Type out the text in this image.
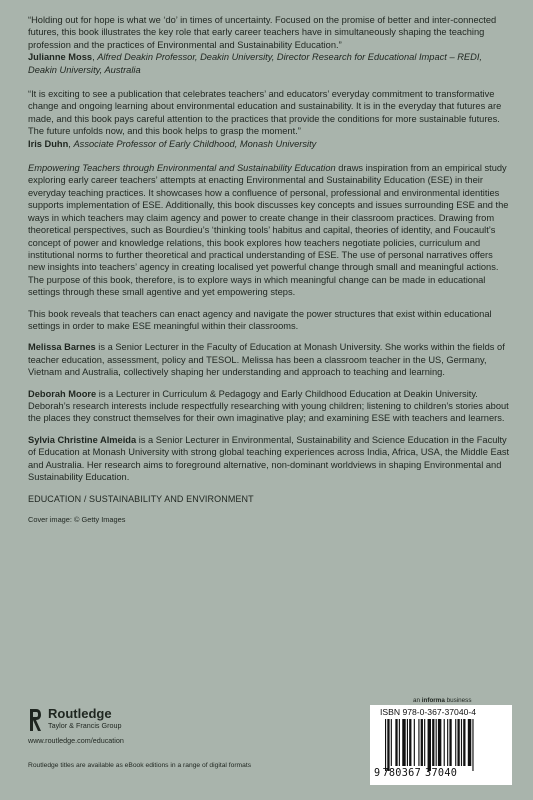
“Holding out for hope is what we ‘do’ in times of uncertainty. Focused on the promise of better and inter-connected futures, this book illustrates the key role that early career teachers have in simultaneously shaping the teaching profession and the practices of Environmental and Sustainability Education.”

Julianne Moss, Alfred Deakin Professor, Deakin University, Director Research for Educational Impact – REDI, Deakin University, Australia

“It is exciting to see a publication that celebrates teachers’ and educators’ everyday commitment to transformative change and ongoing learning about environmental education and sustainability. It is in the everyday that futures are made, and this book pays careful attention to the practices that provide the conditions for more sustainable futures. The future unfolds now, and this book helps to grasp the moment.”

Iris Duhn, Associate Professor of Early Childhood, Monash University

Empowering Teachers through Environmental and Sustainability Education draws inspiration from an empirical study exploring early career teachers’ attempts at enacting Environmental and Sustainability Education (ESE) in their everyday teaching practices. It showcases how a confluence of personal, professional and environmental identities supports implementation of ESE. Additionally, this book discusses key concepts and issues surrounding ESE and the ways in which teachers may claim agency and power to create change in their classroom practices. Drawing from theoretical perspectives, such as Bourdieu’s ‘thinking tools’ habitus and capital, theories of identity, and Foucault’s concept of power and knowledge relations, this book explores how teachers negotiate policies, curriculum and institutional norms to further theoretical and practical understanding of ESE. The use of personal narratives offers new insights into teachers’ agency in creating localised yet powerful change through small and meaningful actions. The purpose of this book, therefore, is to explore ways in which meaningful change can be made in educational settings through these small agentive and yet empowering steps.

This book reveals that teachers can enact agency and navigate the power structures that exist within educational settings in order to make ESE meaningful within their classrooms.

Melissa Barnes is a Senior Lecturer in the Faculty of Education at Monash University. She works within the fields of teacher education, assessment, policy and TESOL. Melissa has been a classroom teacher in the US, Germany, Vietnam and Australia, collectively shaping her understanding and approach to teaching and learning.

Deborah Moore is a Lecturer in Curriculum & Pedagogy and Early Childhood Education at Deakin University. Deborah’s research interests include respectfully researching with young children; listening to children’s stories about the places they construct themselves for their own imaginative play; and examining ESE with teachers and learners.

Sylvia Christine Almeida is a Senior Lecturer in Environmental, Sustainability and Science Education in the Faculty of Education at Monash University with strong global teaching experiences across India, Africa, USA, the Middle East and Australia. Her research aims to foreground alternative, non-dominant worldviews in shaping Environmental and Sustainability Education.

EDUCATION / SUSTAINABILITY AND ENVIRONMENT

Cover image: © Getty Images

Routledge
Taylor & Francis Group
www.routledge.com/education
Routledge titles are available as eBook editions in a range of digital formats
an informa business
ISBN 978-0-367-37040-4
9 780367 37040
